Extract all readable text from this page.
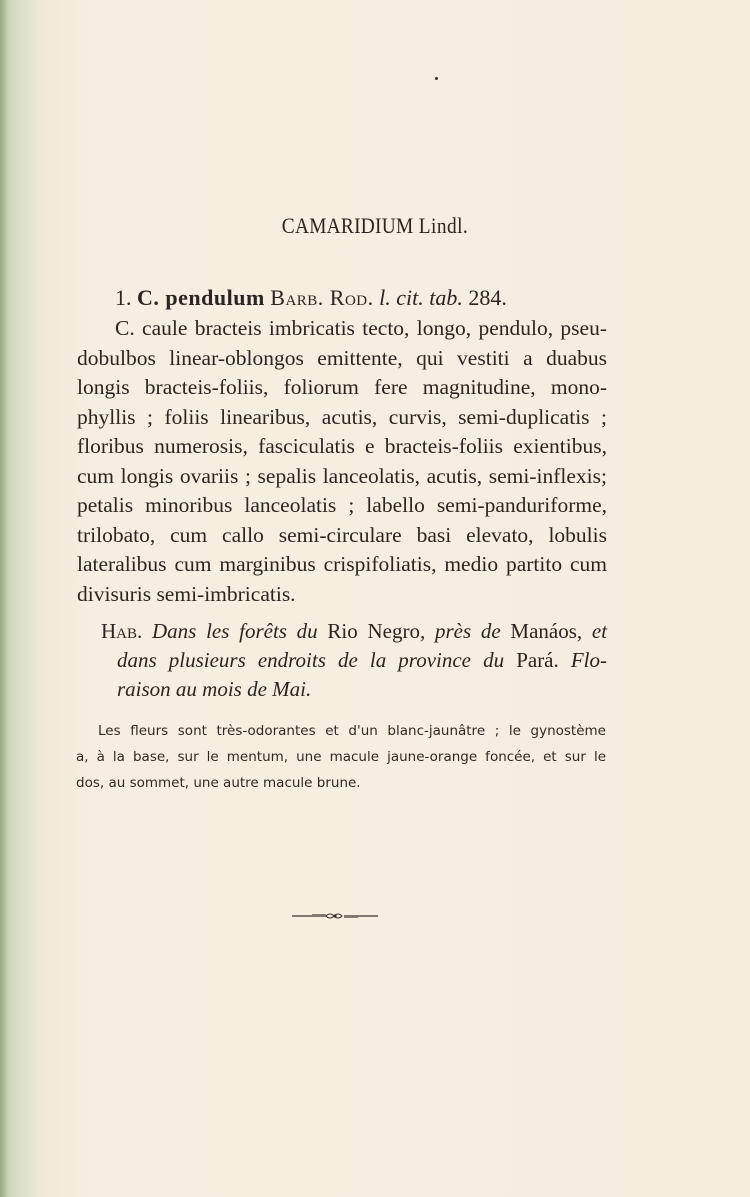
CAMARIDIUM Lindl.
1. C. pendulum Barb. Rod. l. cit. tab. 284.
C. caule bracteis imbricatis tecto, longo, pendulo, pseu-
dobulbos linear-oblongos emittente, qui vestiti a duabus
longis bracteis-foliis, foliorum fere magnitudine, mono-
phyllis ; foliis linearibus, acutis, curvis, semi-duplicatis ;
floribus numerosis, fasciculatis e bracteis-foliis exientibus,
cum longis ovariis ; sepalis lanceolatis, acutis, semi-inflexis;
petalis minoribus lanceolatis ; labello semi-panduriforme,
trilobato, cum callo semi-circulare basi elevato, lobulis
lateralibus cum marginibus crispifoliatis, medio partito cum
divisuris semi-imbricatis.
Hab. Dans les forêts du Rio Negro, près de Manáos, et
dans plusieurs endroits de la province du Pará. Flo-
raison au mois de Mai.
Les fleurs sont très-odorantes et d'un blanc-jaunâtre ; le gynostème
a, à la base, sur le mentum, une macule jaune-orange foncée, et sur le
dos, au sommet, une autre macule brune.
